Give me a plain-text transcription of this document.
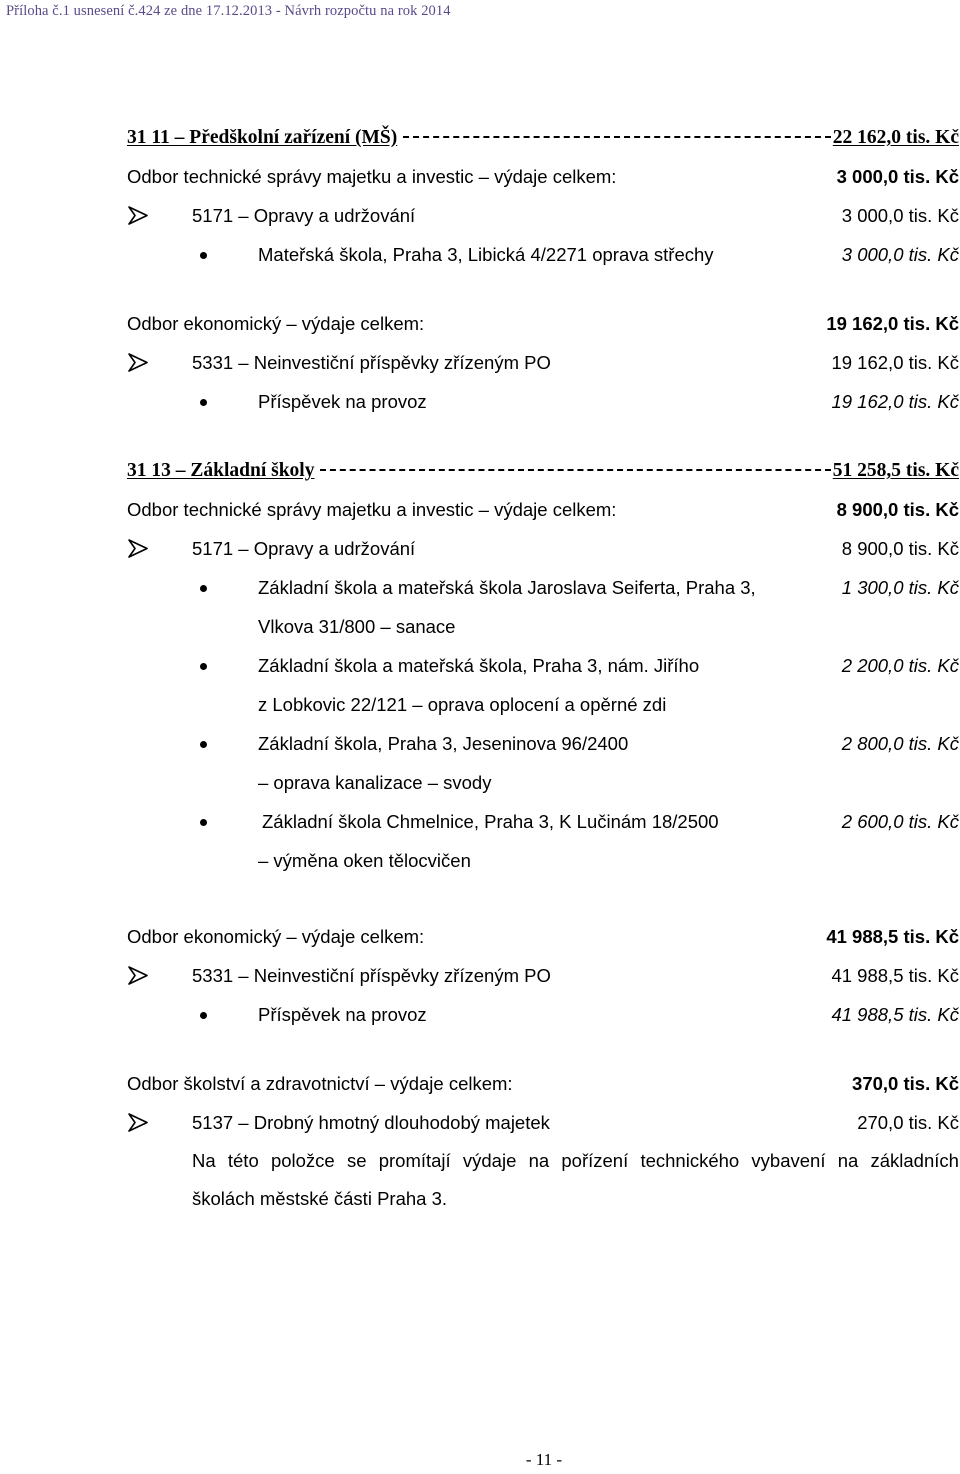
Příloha č.1 usnesení č.424 ze dne 17.12.2013 - Návrh rozpočtu na rok 2014
31 11 – Předškolní zařízení (MŠ)	22 162,0 tis. Kč
Odbor technické správy majetku a investic – výdaje celkem:	3 000,0 tis. Kč
5171 – Opravy a udržování	3 000,0 tis. Kč
Mateřská škola, Praha 3, Libická 4/2271 oprava střechy	3 000,0 tis. Kč
Odbor ekonomický – výdaje celkem:	19 162,0 tis. Kč
5331 – Neinvestiční příspěvky zřízeným PO	19 162,0 tis. Kč
Příspěvek na provoz	19 162,0 tis. Kč
31 13 – Základní školy	51 258,5 tis. Kč
Odbor technické správy majetku a investic – výdaje celkem:	8 900,0 tis. Kč
5171 – Opravy a udržování	8 900,0 tis. Kč
Základní škola a mateřská škola Jaroslava Seiferta, Praha 3,	1 300,0 tis. Kč
Vlkova 31/800 – sanace
Základní škola a mateřská škola, Praha 3, nám. Jiřího	2 200,0 tis. Kč
z Lobkovic 22/121 – oprava oplocení a opěrné zdi
Základní škola, Praha 3, Jeseninova 96/2400	2 800,0 tis. Kč
– oprava kanalizace – svody
Základní škola Chmelnice, Praha 3, K Lučinám 18/2500	2 600,0 tis. Kč
– výměna oken tělocvičen
Odbor ekonomický – výdaje celkem:	41 988,5 tis. Kč
5331 – Neinvestiční příspěvky zřízeným PO	41 988,5 tis. Kč
Příspěvek na provoz	41 988,5 tis. Kč
Odbor školství a zdravotnictví – výdaje celkem:	370,0 tis. Kč
5137 – Drobný hmotný dlouhodobý majetek	270,0 tis. Kč
Na této položce se promítají výdaje na pořízení technického vybavení na základních
školách městské části Praha 3.
- 11 -
